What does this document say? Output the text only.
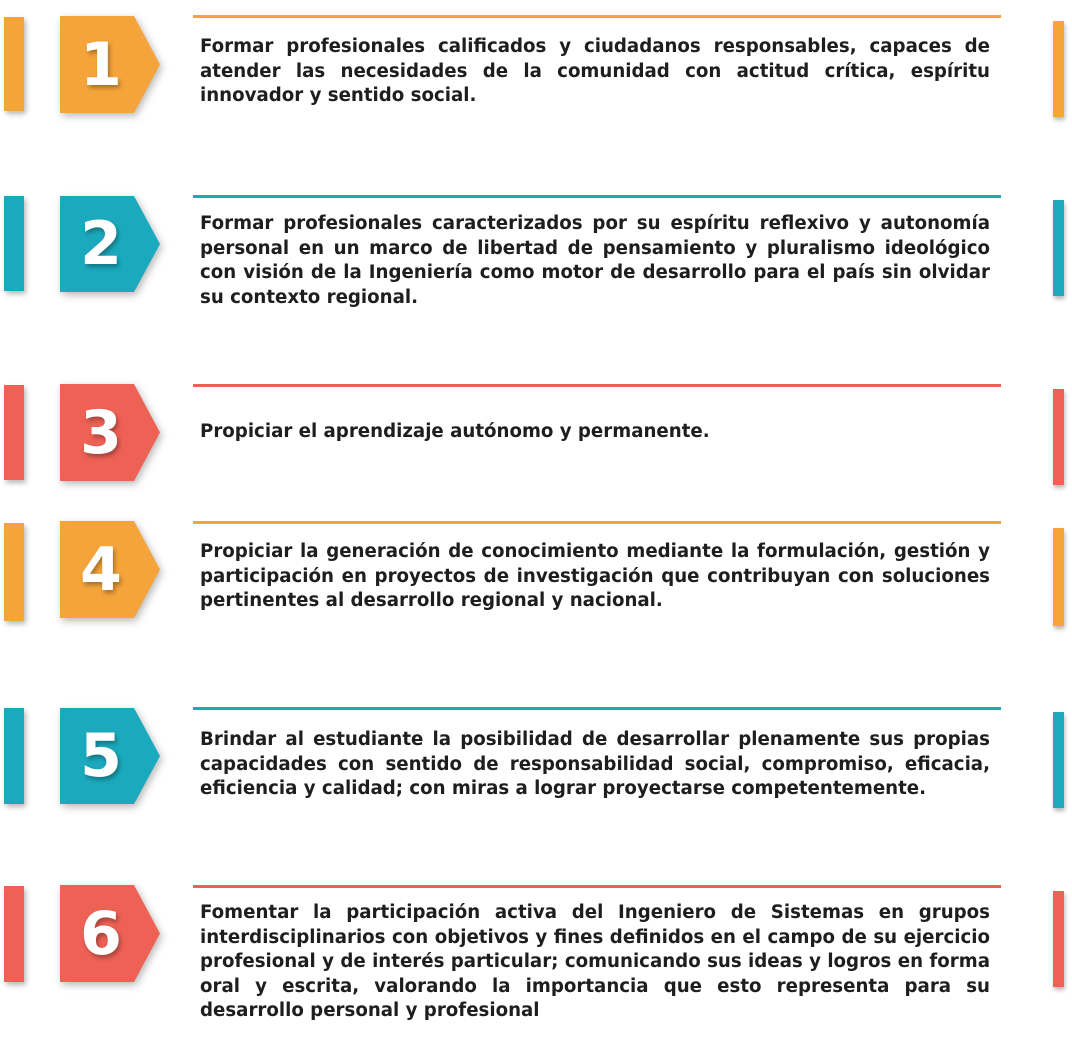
1	Formar profesionales calificados y ciudadanos responsables, capaces de atender las necesidades de la comunidad con actitud crítica, espíritu innovador y sentido social.

2	Formar profesionales caracterizados por su espíritu reflexivo y autonomía personal en un marco de libertad de pensamiento y pluralismo ideológico con visión de la Ingeniería como motor de desarrollo para el país sin olvidar su contexto regional.

3	Propiciar el aprendizaje autónomo y permanente.

4	Propiciar la generación de conocimiento mediante la formulación, gestión y participación en proyectos de investigación que contribuyan con soluciones pertinentes al desarrollo regional y nacional.

5	Brindar al estudiante la posibilidad de desarrollar plenamente sus propias capacidades con sentido de responsabilidad social, compromiso, eficacia, eficiencia y calidad; con miras a lograr proyectarse competentemente.

6	Fomentar la participación activa del Ingeniero de Sistemas en grupos interdisciplinarios con objetivos y fines definidos en el campo de su ejercicio profesional y de interés particular; comunicando sus ideas y logros en forma oral y escrita, valorando la importancia que esto representa para su desarrollo personal y profesional
